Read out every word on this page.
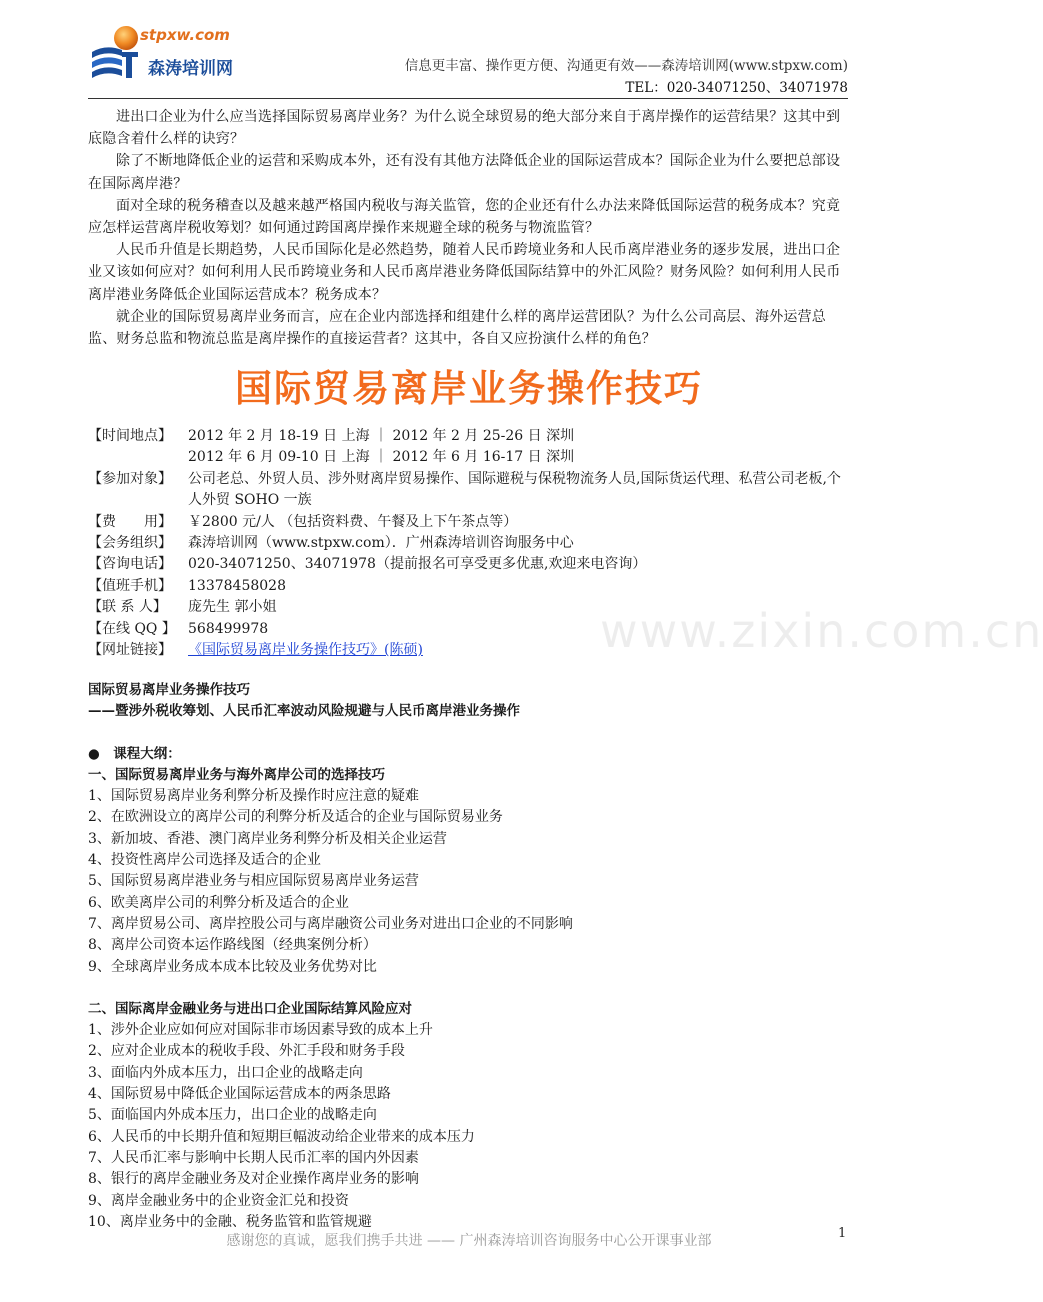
stpxw.com
森涛培训网	信息更丰富、操作更方便、沟通更有效——森涛培训网(www.stpxw.com)
TEL：020-34071250、34071978

进出口企业为什么应当选择国际贸易离岸业务？为什么说全球贸易的绝大部分来自于离岸操作的运营结果？这其中到底隐含着什么样的诀窍？

除了不断地降低企业的运营和采购成本外，还有没有其他方法降低企业的国际运营成本？国际企业为什么要把总部设在国际离岸港？

面对全球的税务稽查以及越来越严格国内税收与海关监管，您的企业还有什么办法来降低国际运营的税务成本？究竟应怎样运营离岸税收筹划？如何通过跨国离岸操作来规避全球的税务与物流监管？

人民币升值是长期趋势，人民币国际化是必然趋势，随着人民币跨境业务和人民币离岸港业务的逐步发展，进出口企业又该如何应对？如何利用人民币跨境业务和人民币离岸港业务降低国际结算中的外汇风险？财务风险？如何利用人民币离岸港业务降低企业国际运营成本？税务成本？

就企业的国际贸易离岸业务而言，应在企业内部选择和组建什么样的离岸运营团队？为什么公司高层、海外运营总监、财务总监和物流总监是离岸操作的直接运营者？这其中，各自又应扮演什么样的角色？

国际贸易离岸业务操作技巧
【时间地点】	2012 年 2 月 18-19 日 上海 ｜ 2012 年 2 月 25-26 日 深圳
2012 年 6 月 09-10 日 上海 ｜ 2012 年 6 月 16-17 日 深圳
【参加对象】	公司老总、外贸人员、涉外财离岸贸易操作、国际避税与保税物流务人员,国际货运代理、私营公司老板,个人外贸 SOHO 一族
【费　　用】	￥2800 元/人 （包括资料费、午餐及上下午茶点等）
【会务组织】	森涛培训网（www.stpxw.com）．广州森涛培训咨询服务中心
【咨询电话】	020-34071250、34071978（提前报名可享受更多优惠,欢迎来电咨询）
【值班手机】	13378458028
【联 系 人】	庞先生 郭小姐
【在线 QQ 】 568499978
【网址链接】	《国际贸易离岸业务操作技巧》(陈硕)	www.zixin.com.cn
国际贸易离岸业务操作技巧
——暨涉外税收筹划、人民币汇率波动风险规避与人民币离岸港业务操作
●　课程大纲：
一、国际贸易离岸业务与海外离岸公司的选择技巧
1、国际贸易离岸业务利弊分析及操作时应注意的疑难
2、在欧洲设立的离岸公司的利弊分析及适合的企业与国际贸易业务
3、新加坡、香港、澳门离岸业务利弊分析及相关企业运营
4、投资性离岸公司选择及适合的企业
5、国际贸易离岸港业务与相应国际贸易离岸业务运营
6、欧美离岸公司的利弊分析及适合的企业
7、离岸贸易公司、离岸控股公司与离岸融资公司业务对进出口企业的不同影响
8、离岸公司资本运作路线图（经典案例分析）
9、全球离岸业务成本成本比较及业务优势对比
二、国际离岸金融业务与进出口企业国际结算风险应对
1、涉外企业应如何应对国际非市场因素导致的成本上升
2、应对企业成本的税收手段、外汇手段和财务手段
3、面临内外成本压力，出口企业的战略走向
4、国际贸易中降低企业国际运营成本的两条思路
5、面临国内外成本压力，出口企业的战略走向
6、人民币的中长期升值和短期巨幅波动给企业带来的成本压力
7、人民币汇率与影响中长期人民币汇率的国内外因素
8、银行的离岸金融业务及对企业操作离岸业务的影响
9、离岸金融业务中的企业资金汇兑和投资
10、离岸业务中的金融、税务监管和监管规避
感谢您的真诚，愿我们携手共进 —— 广州森涛培训咨询服务中心公开课事业部	1
